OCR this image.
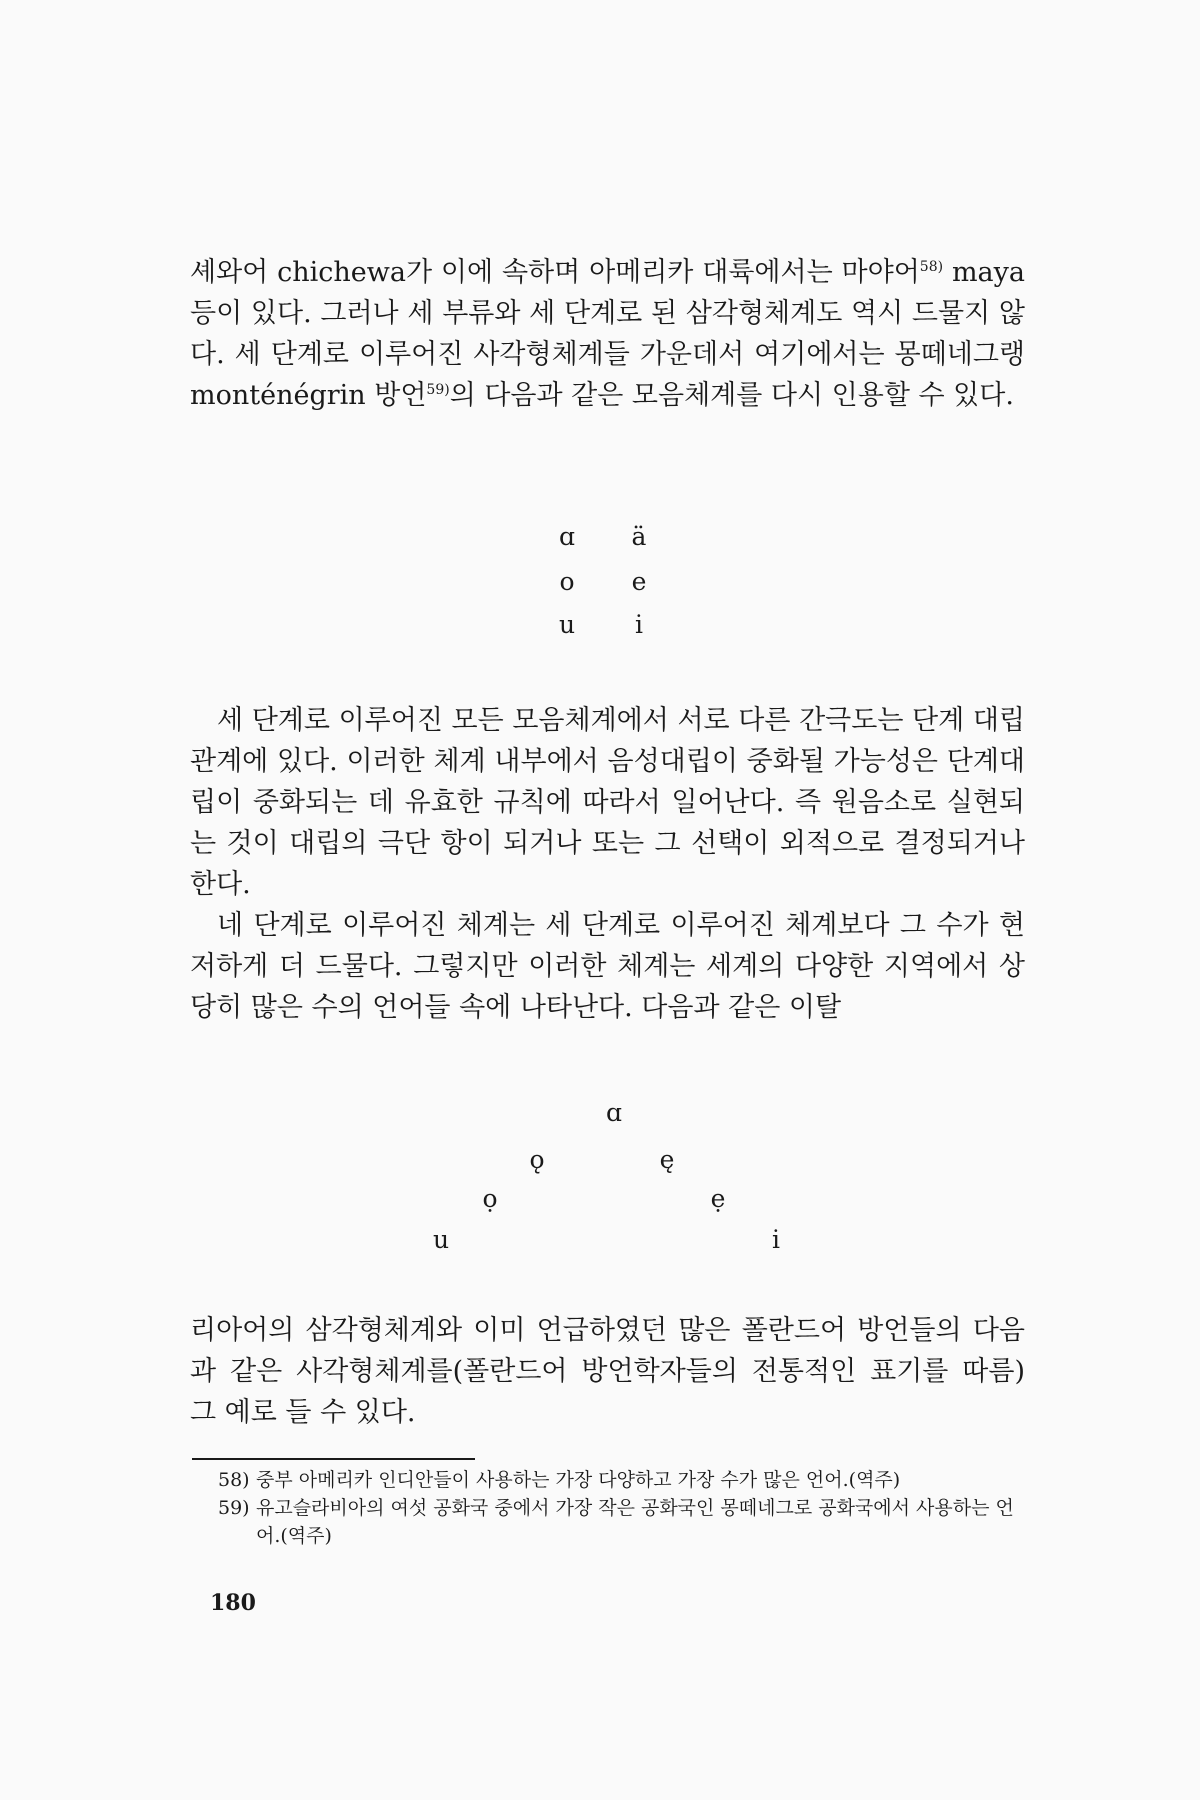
셰와어 chichewa가 이에 속하며 아메리카 대륙에서는 마야어$^{58)}$ maya 등이 있다. 그러나 세 부류와 세 단계로 된 삼각형체계도 역시 드물지 않다. 세 단계로 이루어진 사각형체계들 가운데서 여기에서는 몽떼네그랭 monténégrin 방언$^{59)}$의 다음과 같은 모음체계를 다시 인용할 수 있다.

ɑ	ä
o	e
u	i

세 단계로 이루어진 모든 모음체계에서 서로 다른 간극도는 단계 대립 관계에 있다. 이러한 체계 내부에서 음성대립이 중화될 가능성은 단계대립이 중화되는 데 유효한 규칙에 따라서 일어난다. 즉 원음소로 실현되는 것이 대립의 극단 항이 되거나 또는 그 선택이 외적으로 결정되거나 한다.
네 단계로 이루어진 체계는 세 단계로 이루어진 체계보다 그 수가 현저하게 더 드물다. 그렇지만 이러한 체계는 세계의 다양한 지역에서 상당히 많은 수의 언어들 속에 나타난다. 다음과 같은 이탈

ɑ
ǫ	ę
ọ	ẹ
u	i

리아어의 삼각형체계와 이미 언급하였던 많은 폴란드어 방언들의 다음과 같은 사각형체계를(폴란드어 방언학자들의 전통적인 표기를 따름) 그 예로 들 수 있다.

58) 중부 아메리카 인디안들이 사용하는 가장 다양하고 가장 수가 많은 언어.(역주)
59) 유고슬라비아의 여섯 공화국 중에서 가장 작은 공화국인 몽떼네그로 공화국에서 사용하는 언어.(역주)
180
